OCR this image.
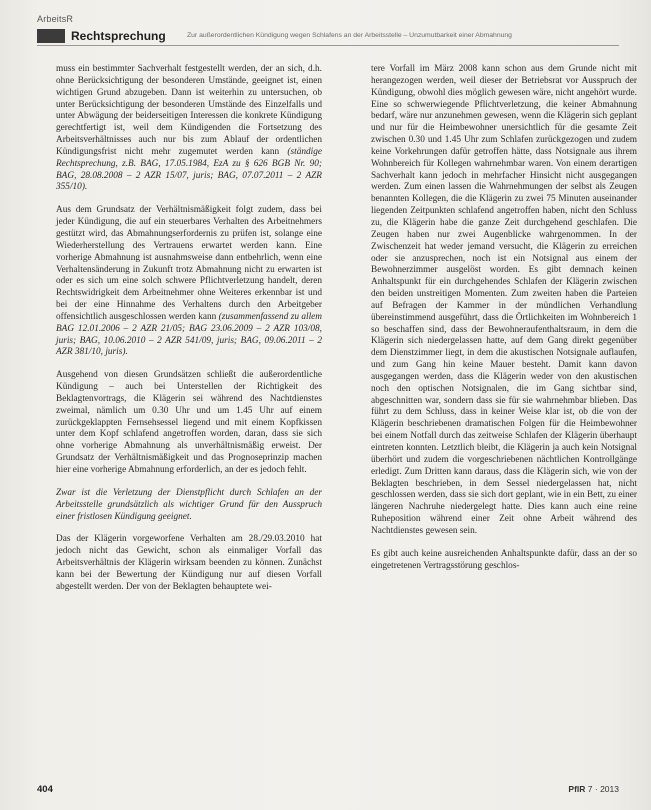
ArbeitsR
Rechtsprechung	Zur außerordentlichen Kündigung wegen Schlafens an der Arbeitsstelle – Unzumutbarkeit einer Abmahnung

muss ein bestimmter Sachverhalt festgestellt werden, der an sich, d.h. ohne Berücksichtigung der besonderen Umstände, geeignet ist, einen wichtigen Grund abzugeben. Dann ist weiterhin zu untersuchen, ob unter Berücksichtigung der besonderen Umstände des Einzelfalls und unter Abwägung der beiderseitigen Interessen die konkrete Kündigung gerechtfertigt ist, weil dem Kündigenden die Fortsetzung des Arbeitsverhältnisses auch nur bis zum Ablauf der ordentlichen Kündigungsfrist nicht mehr zugemutet werden kann (ständige Rechtsprechung, z.B. BAG, 17.05.1984, EzA zu § 626 BGB Nr. 90; BAG, 28.08.2008 – 2 AZR 15/07, juris; BAG, 07.07.2011 – 2 AZR 355/10).

Aus dem Grundsatz der Verhältnismäßigkeit folgt zudem, dass bei jeder Kündigung, die auf ein steuerbares Verhalten des Arbeitnehmers gestützt wird, das Abmahnungserfordernis zu prüfen ist, solange eine Wiederherstellung des Vertrauens erwartet werden kann. Eine vorherige Abmahnung ist ausnahmsweise dann entbehrlich, wenn eine Verhaltensänderung in Zukunft trotz Abmahnung nicht zu erwarten ist oder es sich um eine solch schwere Pflichtverletzung handelt, deren Rechtswidrigkeit dem Arbeitnehmer ohne Weiteres erkennbar ist und bei der eine Hinnahme des Verhaltens durch den Arbeitgeber offensichtlich ausgeschlossen werden kann (zusammenfassend zu allem BAG 12.01.2006 – 2 AZR 21/05; BAG 23.06.2009 – 2 AZR 103/08, juris; BAG, 10.06.2010 – 2 AZR 541/09, juris; BAG, 09.06.2011 – 2 AZR 381/10, juris).

Ausgehend von diesen Grundsätzen schließt die außerordentliche Kündigung – auch bei Unterstellen der Richtigkeit des Beklagtenvortrags, die Klägerin sei während des Nachtdienstes zweimal, nämlich um 0.30 Uhr und um 1.45 Uhr auf einem zurückgeklappten Fernsehsessel liegend und mit einem Kopfkissen unter dem Kopf schlafend angetroffen worden, daran, dass sie sich ohne vorherige Abmahnung als unverhältnismäßig erweist. Der Grundsatz der Verhältnismäßigkeit und das Prognoseprinzip machen hier eine vorherige Abmahnung erforderlich, an der es jedoch fehlt.

Zwar ist die Verletzung der Dienstpflicht durch Schlafen an der Arbeitsstelle grundsätzlich als wichtiger Grund für den Ausspruch einer fristlosen Kündigung geeignet.

Das der Klägerin vorgeworfene Verhalten am 28./29.03.2010 hat jedoch nicht das Gewicht, schon als einmaliger Vorfall das Arbeitsverhältnis der Klägerin wirksam beenden zu können. Zunächst kann bei der Bewertung der Kündigung nur auf diesen Vorfall abgestellt werden. Der von der Beklagten behauptete wei-

tere Vorfall im März 2008 kann schon aus dem Grunde nicht mit herangezogen werden, weil dieser der Betriebsrat vor Ausspruch der Kündigung, obwohl dies möglich gewesen wäre, nicht angehört wurde. Eine so schwerwiegende Pflichtverletzung, die keiner Abmahnung bedarf, wäre nur anzunehmen gewesen, wenn die Klägerin sich geplant und nur für die Heimbewohner unersichtlich für die gesamte Zeit zwischen 0.30 und 1.45 Uhr zum Schlafen zurückgezogen und zudem keine Vorkehrungen dafür getroffen hätte, dass Notsignale aus ihrem Wohnbereich für Kollegen wahrnehmbar waren. Von einem derartigen Sachverhalt kann jedoch in mehrfacher Hinsicht nicht ausgegangen werden. Zum einen lassen die Wahrnehmungen der selbst als Zeugen benannten Kollegen, die die Klägerin zu zwei 75 Minuten auseinander liegenden Zeitpunkten schlafend angetroffen haben, nicht den Schluss zu, die Klägerin habe die ganze Zeit durchgehend geschlafen. Die Zeugen haben nur zwei Augenblicke wahrgenommen. In der Zwischenzeit hat weder jemand versucht, die Klägerin zu erreichen oder sie anzusprechen, noch ist ein Notsignal aus einem der Bewohnerzimmer ausgelöst worden. Es gibt demnach keinen Anhaltspunkt für ein durchgehendes Schlafen der Klägerin zwischen den beiden unstreitigen Momenten. Zum zweiten haben die Parteien auf Befragen der Kammer in der mündlichen Verhandlung übereinstimmend ausgeführt, dass die Örtlichkeiten im Wohnbereich 1 so beschaffen sind, dass der Bewohneraufenthaltsraum, in dem die Klägerin sich niedergelassen hatte, auf dem Gang direkt gegenüber dem Dienstzimmer liegt, in dem die akustischen Notsignale auflaufen, und zum Gang hin keine Mauer besteht. Damit kann davon ausgegangen werden, dass die Klägerin weder von den akustischen noch den optischen Notsignalen, die im Gang sichtbar sind, abgeschnitten war, sondern dass sie für sie wahrnehmbar blieben. Das führt zu dem Schluss, dass in keiner Weise klar ist, ob die von der Klägerin beschriebenen dramatischen Folgen für die Heimbewohner bei einem Notfall durch das zeitweise Schlafen der Klägerin überhaupt eintreten konnten. Letztlich bleibt, die Klägerin ja auch kein Notsignal überhört und zudem die vorgeschriebenen nächtlichen Kontrollgänge erledigt. Zum Dritten kann daraus, dass die Klägerin sich, wie von der Beklagten beschrieben, in dem Sessel niedergelassen hat, nicht geschlossen werden, dass sie sich dort geplant, wie in ein Bett, zu einer längeren Nachruhe niedergelegt hatte. Dies kann auch eine reine Ruheposition während einer Zeit ohne Arbeit während des Nachtdienstes gewesen sein.

Es gibt auch keine ausreichenden Anhaltspunkte dafür, dass an der so eingetretenen Vertragsstörung geschlos-

404	PflR 7 · 2013
